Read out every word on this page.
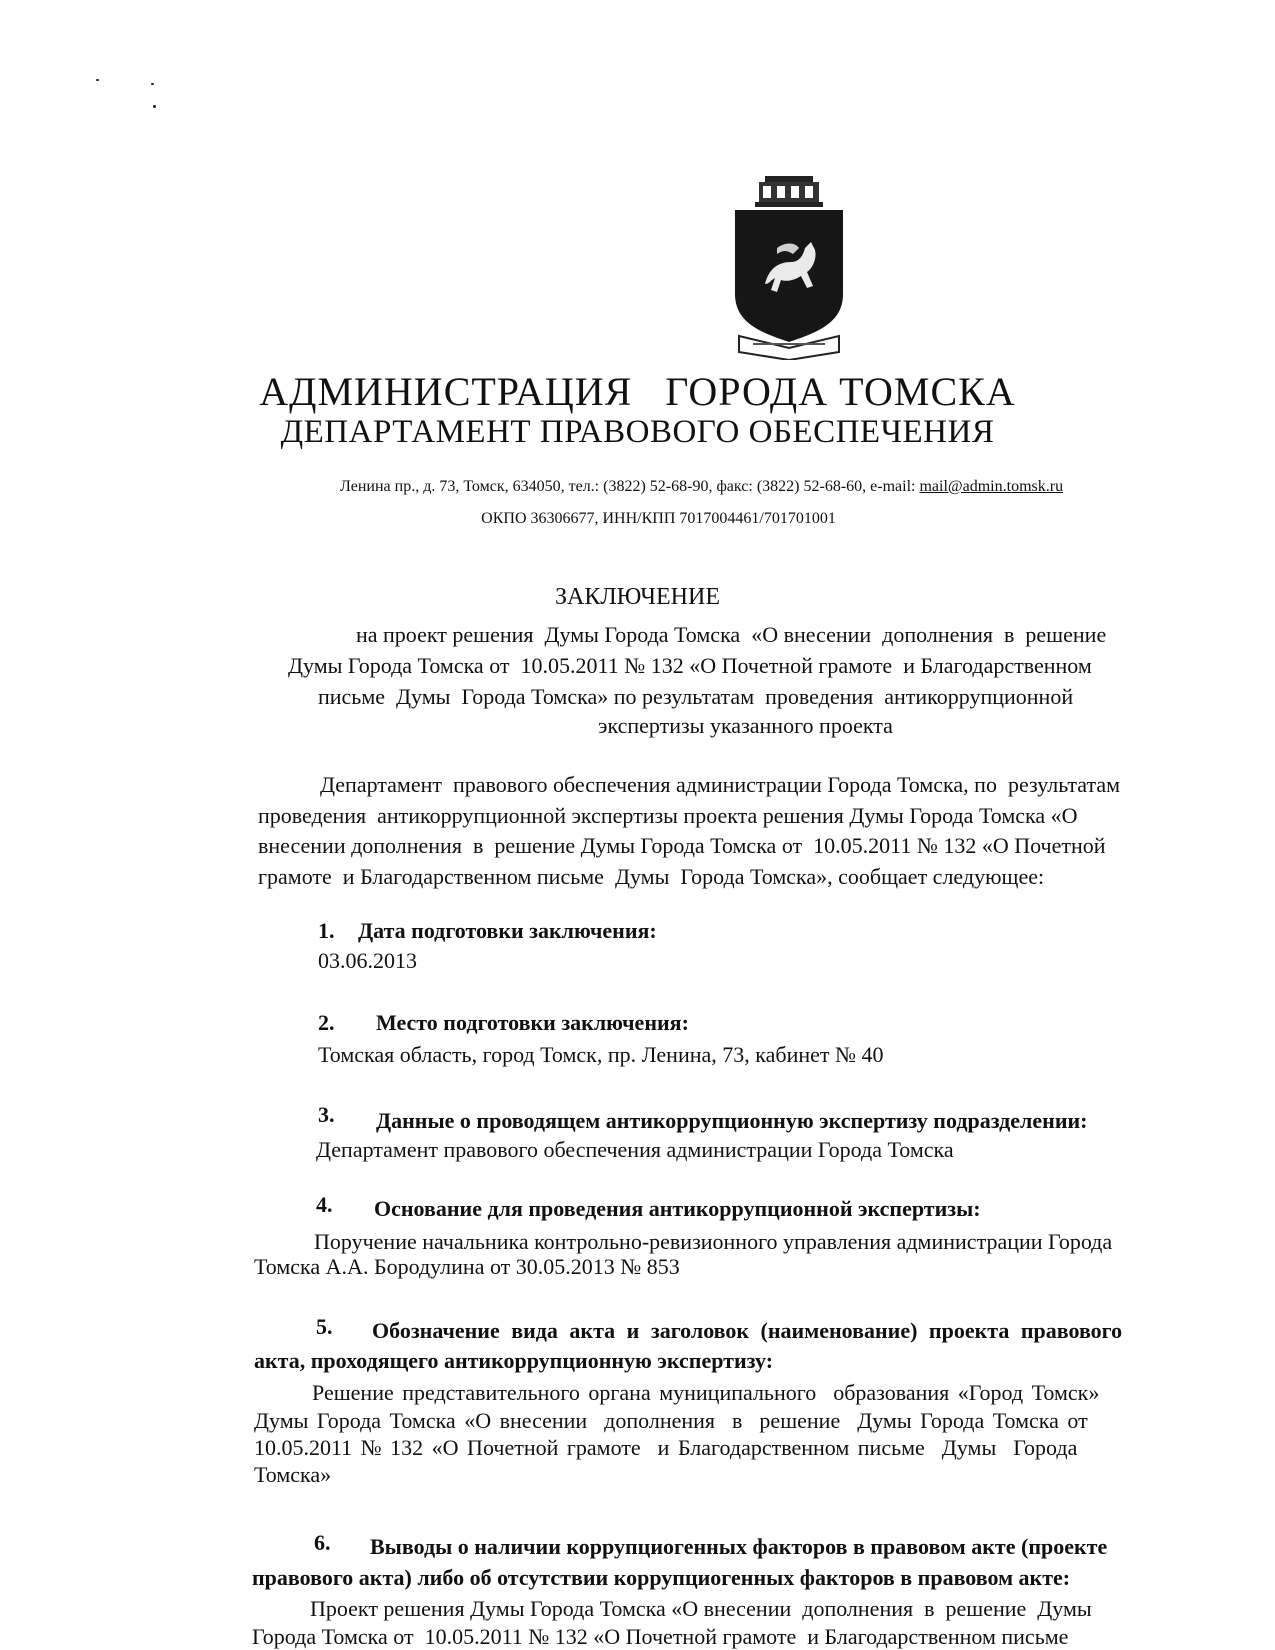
АДМИНИСТРАЦИЯ   ГОРОДА ТОМСКА
ДЕПАРТАМЕНТ ПРАВОВОГО ОБЕСПЕЧЕНИЯ
Ленина пр., д. 73, Томск, 634050, тел.: (3822) 52-68-90, факс: (3822) 52-68-60, e-mail: mail@admin.tomsk.ru
ОКПО 36306677, ИНН/КПП 7017004461/701701001
ЗАКЛЮЧЕНИЕ
на проект решения  Думы Города Томска  «О внесении  дополнения  в  решение
Думы Города Томска от  10.05.2011 № 132 «О Почетной грамоте  и Благодарственном
письме  Думы  Города Томска» по результатам  проведения  антикоррупционной
экспертизы указанного проекта
Департамент  правового обеспечения администрации Города Томска, по  результатам
проведения  антикоррупционной экспертизы проекта решения Думы Города Томска «О
внесении дополнения  в  решение Думы Города Томска от  10.05.2011 № 132 «О Почетной
грамоте  и Благодарственном письме  Думы  Города Томска», сообщает следующее:
1. Дата подготовки заключения:
03.06.2013
2. Место подготовки заключения:
Томская область, город Томск, пр. Ленина, 73, кабинет № 40
3. Данные о проводящем антикоррупционную экспертизу подразделении:
Департамент правового обеспечения администрации Города Томска
4. Основание для проведения антикоррупционной экспертизы:
Поручение начальника контрольно-ревизионного управления администрации Города
Томска А.А. Бородулина от 30.05.2013 № 853
5. Обозначение вида акта и заголовок (наименование) проекта правового
акта, проходящего антикоррупционную экспертизу:
Решение представительного органа муниципального  образования «Город Томск»
Думы Города Томска «О внесении  дополнения  в  решение  Думы Города Томска от
10.05.2011 № 132 «О Почетной грамоте  и Благодарственном письме  Думы  Города
Томска»
6. Выводы о наличии коррупциогенных факторов в правовом акте (проекте
правового акта) либо об отсутствии коррупциогенных факторов в правовом акте:
Проект решения Думы Города Томска «О внесении  дополнения  в  решение  Думы
Города Томска от  10.05.2011 № 132 «О Почетной грамоте  и Благодарственном письме
